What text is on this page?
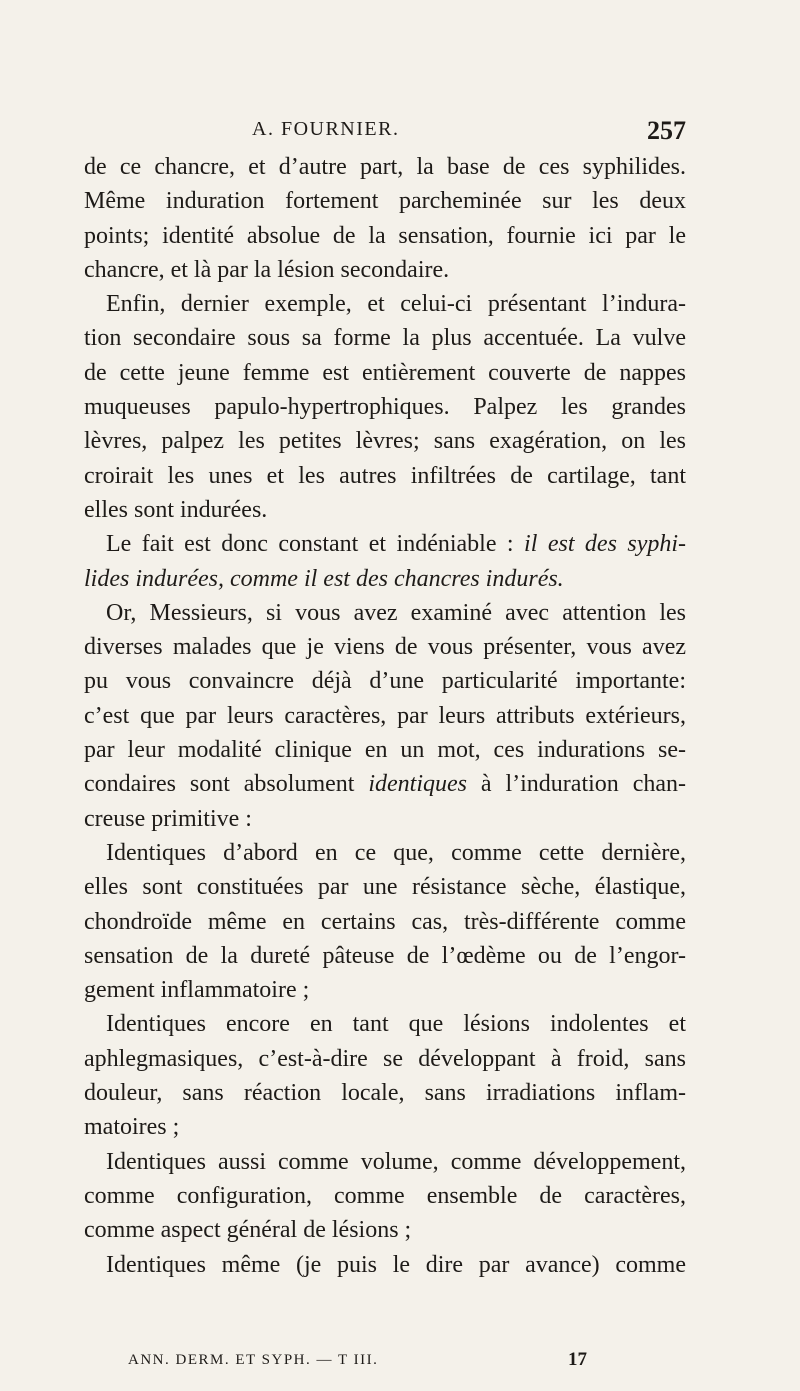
A. FOURNIER.	257
de ce chancre, et d’autre part, la base de ces syphilides.
Même induration fortement parcheminée sur les deux
points; identité absolue de la sensation, fournie ici par le
chancre, et là par la lésion secondaire.
Enfin, dernier exemple, et celui-ci présentant l’indura-
tion secondaire sous sa forme la plus accentuée. La vulve
de cette jeune femme est entièrement couverte de nappes
muqueuses papulo-hypertrophiques. Palpez les grandes
lèvres, palpez les petites lèvres; sans exagération, on les
croirait les unes et les autres infiltrées de cartilage, tant
elles sont indurées.
Le fait est donc constant et indéniable : il est des syphi-
lides indurées, comme il est des chancres indurés.
Or, Messieurs, si vous avez examiné avec attention les
diverses malades que je viens de vous présenter, vous avez
pu vous convaincre déjà d’une particularité importante:
c’est que par leurs caractères, par leurs attributs extérieurs,
par leur modalité clinique en un mot, ces indurations se-
condaires sont absolument identiques à l’induration chan-
creuse primitive :
Identiques d’abord en ce que, comme cette dernière,
elles sont constituées par une résistance sèche, élastique,
chondroïde même en certains cas, très-différente comme
sensation de la dureté pâteuse de l’œdème ou de l’engor-
gement inflammatoire ;
Identiques encore en tant que lésions indolentes et
aphlegmasiques, c’est-à-dire se développant à froid, sans
douleur, sans réaction locale, sans irradiations inflam-
matoires ;
Identiques aussi comme volume, comme développement,
comme configuration, comme ensemble de caractères,
comme aspect général de lésions ;
Identiques même (je puis le dire par avance) comme
ANN. DERM. ET SYPH. — T III.	17
